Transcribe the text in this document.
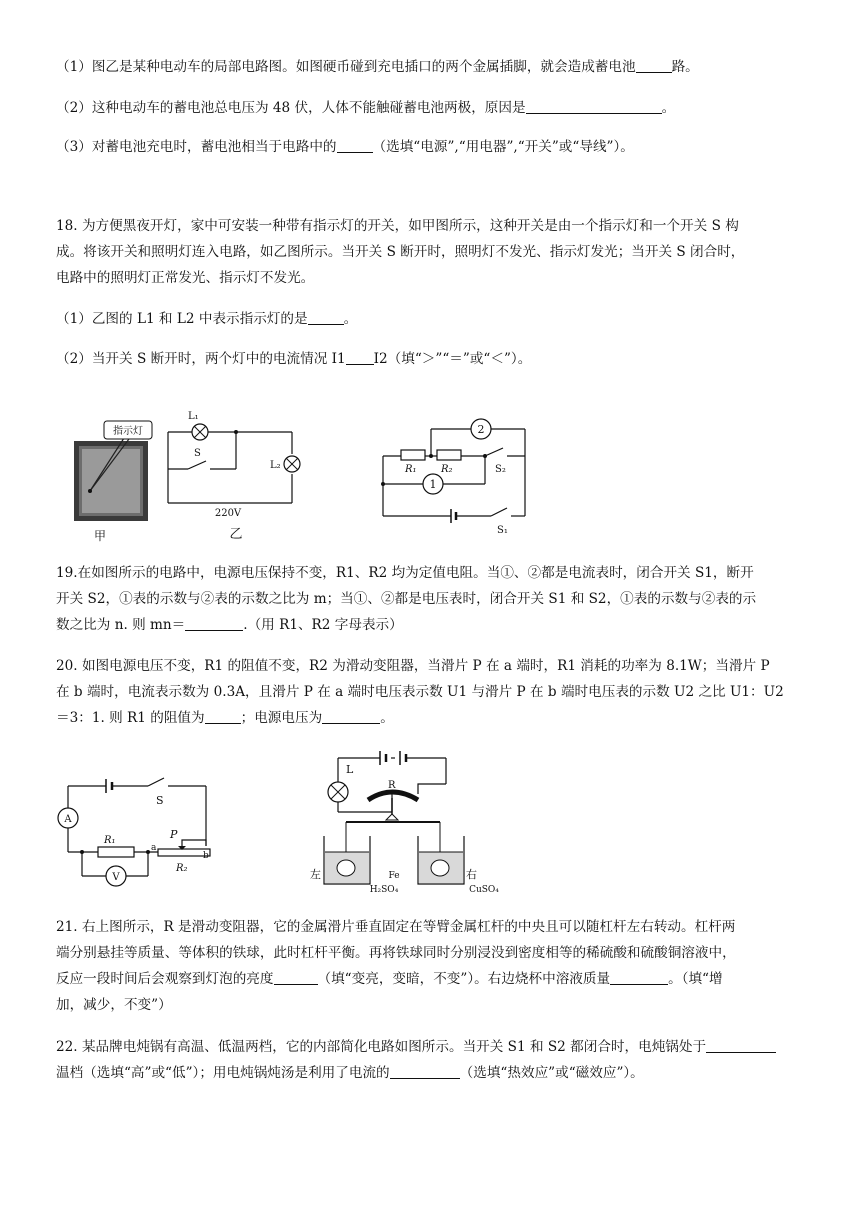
（1）图乙是某种电动车的局部电路图。如图硬币碰到充电插口的两个金属插脚，就会造成蓄电池	路。
（2）这种电动车的蓄电池总电压为 48 伏，人体不能触碰蓄电池两极，原因是	。
（3）对蓄电池充电时，蓄电池相当于电路中的	（选填“电源”,“用电器”,“开关”或“导线”）。
18. 为方便黑夜开灯，家中可安装一种带有指示灯的开关，如甲图所示，这种开关是由一个指示灯和一个开关 S 构
成。将该开关和照明灯连入电路，如乙图所示。当开关 S 断开时，照明灯不发光、指示灯发光；当开关 S 闭合时，
电路中的照明灯正常发光、指示灯不发光。
（1）乙图的 L1 和 L2 中表示指示灯的是	。
（2）当开关 S 断开时，两个灯中的电流情况 I1 I2（填“＞”“＝”或“＜”）。
指示灯
甲
L₁
L₂
S
220V
乙
R₁ R₂
2
1
S₂
S₁
19.在如图所示的电路中，电源电压保持不变，R1、R2 均为定值电阻。当①、②都是电流表时，闭合开关 S1，断开
开关 S2，①表的示数与②表的示数之比为 m；当①、②都是电压表时，闭合开关 S1 和 S2，①表的示数与②表的示
数之比为 n. 则 mn＝	.（用 R1、R2 字母表示）
20. 如图电源电压不变，R1 的阻值不变，R2 为滑动变阻器，当滑片 P 在 a 端时，R1 消耗的功率为 8.1W；当滑片 P
在 b 端时，电流表示数为 0.3A，且滑片 P 在 a 端时电压表示数 U1 与滑片 P 在 b 端时电压表的示数 U2 之比 U1：U2
＝3：1. 则 R1 的阻值为	；电源电压为	。
A
S
R₁	P
a
b
R₂
V
L
R
左	右
Fe
H₂SO₄	CuSO₄
21. 右上图所示，R 是滑动变阻器，它的金属滑片垂直固定在等臂金属杠杆的中央且可以随杠杆左右转动。杠杆两
端分别悬挂等质量、等体积的铁球，此时杠杆平衡。再将铁球同时分别浸没到密度相等的稀硫酸和硫酸铜溶液中，
反应一段时间后会观察到灯泡的亮度	（填“变亮，变暗，不变”）。右边烧杯中溶液质量	。（填“增
加，减少，不变”）
22. 某品牌电炖锅有高温、低温两档，它的内部简化电路如图所示。当开关 S1 和 S2 都闭合时，电炖锅处于
温档（选填“高”或“低”）；用电炖锅炖汤是利用了电流的	（选填“热效应”或“磁效应”）。
